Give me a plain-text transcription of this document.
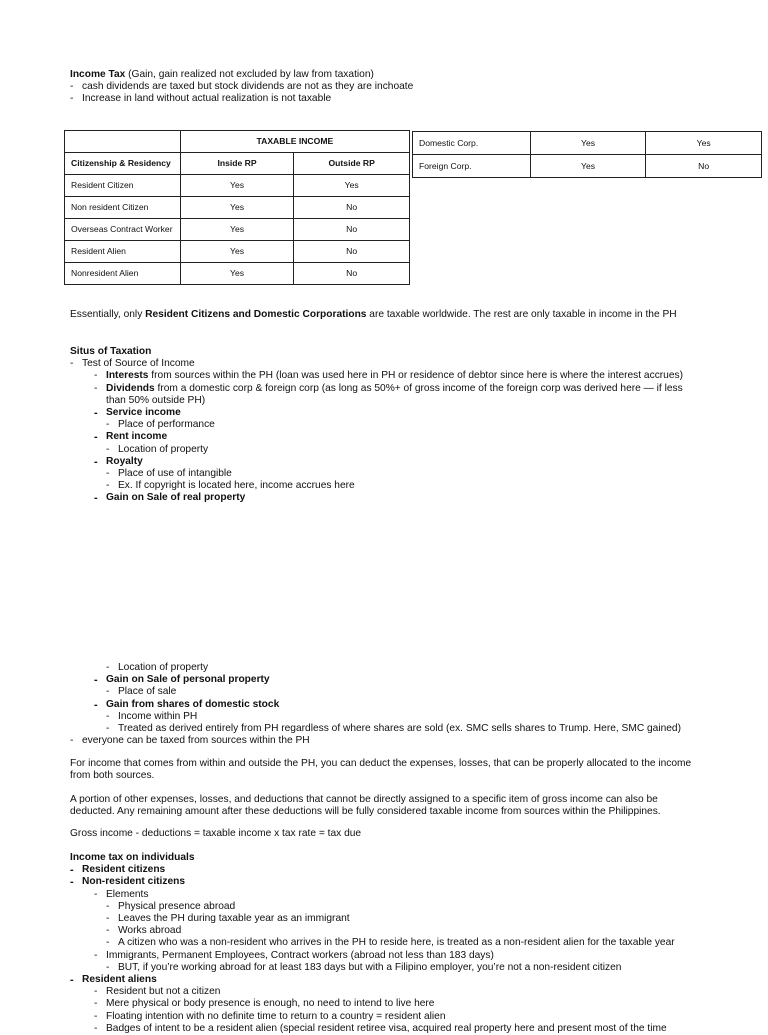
Income Tax (Gain, gain realized not excluded by law from taxation)
- cash dividends are taxed but stock dividends are not as they are inchoate
- Increase in land without actual realization is not taxable
	TAXABLE INCOME	
Citizenship & Residency	Inside RP	Outside RP
Resident Citizen	Yes	Yes
Non resident Citizen	Yes	No
Overseas Contract Worker	Yes	No
Resident Alien	Yes	No
Nonresident Alien	Yes	No
Domestic Corp.	Yes	Yes
Foreign Corp.	Yes	No
Essentially, only Resident Citizens and Domestic Corporations are taxable worldwide. The rest are only taxable in income in the PH
Situs of Taxation
- Test of Source of Income
- Interests from sources within the PH (loan was used here in PH or residence of debtor since here is where the interest accrues)
- Dividends from a domestic corp & foreign corp (as long as 50%+ of gross income of the foreign corp was derived here — if less than 50% outside PH)
- Service income
- Place of performance
- Rent income
- Location of property
- Royalty
- Place of use of intangible
- Ex. If copyright is located here, income accrues here
- Gain on Sale of real property
- Location of property
- Gain on Sale of personal property
- Place of sale
- Gain from shares of domestic stock
- Income within PH
- Treated as derived entirely from PH regardless of where shares are sold (ex. SMC sells shares to Trump. Here, SMC gained)
- everyone can be taxed from sources within the PH
For income that comes from within and outside the PH, you can deduct the expenses, losses, that can be properly allocated to the income from both sources.
A portion of other expenses, losses, and deductions that cannot be directly assigned to a specific item of gross income can also be deducted. Any remaining amount after these deductions will be fully considered taxable income from sources within the Philippines.
Gross income - deductions = taxable income x tax rate = tax due
Income tax on individuals
- Resident citizens
- Non-resident citizens
- Elements
- Physical presence abroad
- Leaves the PH during taxable year as an immigrant
- Works abroad
- A citizen who was a non-resident who arrives in the PH to reside here, is treated as a non-resident alien for the taxable year
- Immigrants, Permanent Employees, Contract workers (abroad not less than 183 days)
- BUT, if you’re working abroad for at least 183 days but with a Filipino employer, you’re not a non-resident citizen
- Resident aliens
- Resident but not a citizen
- Mere physical or body presence is enough, no need to intend to live here
- Floating intention with no definite time to return to a country = resident alien
- Badges of intent to be a resident alien (special resident retiree visa, acquired real property here and present most of the time
